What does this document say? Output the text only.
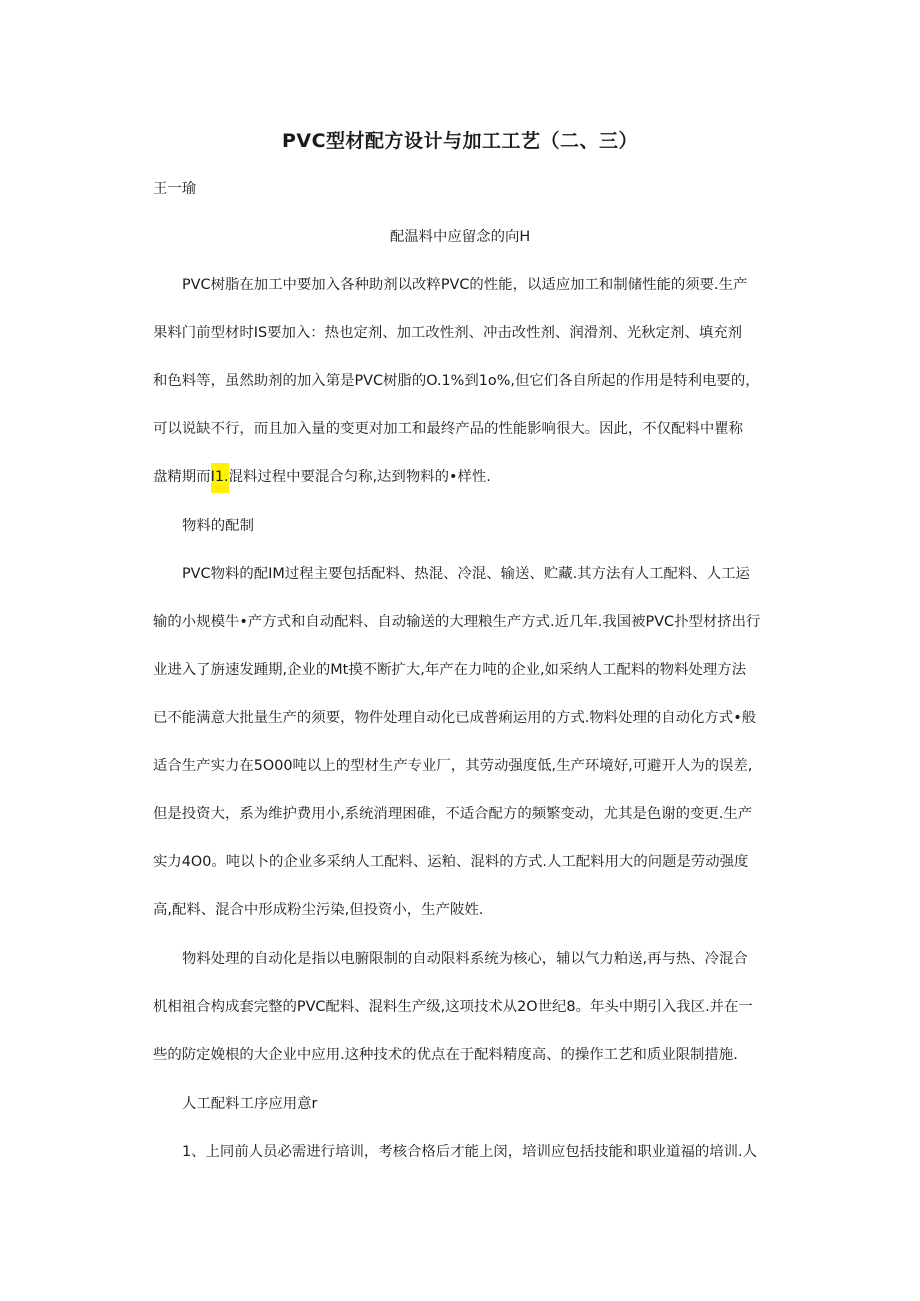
PVC型材配方设计与加工工艺（二、三）
王一瑜
配温料中应留念的向H
PVC树脂在加工中要加入各种助剂以改粹PVC的性能，以适应加工和制储性能的须要.生产
果料门前型材时IS要加入：热也定剂、加工改性剂、冲击改性剂、润滑剂、光秋定剂、填充剂
和色料等，虽然助剂的加入第是PVC树脂的O.1%到1o%,但它们各自所起的作用是特利电要的，
可以说缺不行，而且加入量的变更对加工和最终产品的性能影响很大。因此，不仅配料中瞿称
盘精期而I1.混料过程中要混合匀称,达到物料的•样性.
物料的配制
PVC物料的配IM过程主要包括配料、热混、冷混、输送、贮藏.其方法有人工配料、人工运
输的小规模牛•产方式和自动配料、自动输送的大理粮生产方式.近几年.我国被PVC扑型材挤出行
业进入了旃速发踵期,企业的Mt摸不断扩大,年产在力吨的企业,如采纳人工配料的物料处理方法
已不能满意大批量生产的须要，物件处理自动化已成普痢运用的方式.物料处理的自动化方式•般
适合生产实力在5O00吨以上的型材生产专业厂，其劳动强度低,生产环境好,可避开人为的误差,
但是投资大，系为维护费用小,系统消理困碓，不适合配方的频繁变动，尤其是色谢的变更.生产
实力4O0。吨以卜的企业多采纳人工配料、运粕、混料的方式.人工配料用大的问题是劳动强度
高,配料、混合中形成粉尘污染,但投资小，生产陂姓.
物料处理的自动化是指以电腑限制的自动限料系统为核心，辅以气力粕送,再与热、冷混合
机相祖合构成套完整的PVC配料、混料生产级,这项技术从2O世纪8。年头中期引入我区.并在一
些的防定娩根的大企业中应用.这种技术的优点在于配料精度高、的操作工艺和质业限制措施.
人工配料工序应用意r
1、上同前人员必需进行培训，考核合格后才能上闵，培训应包括技能和职业道福的培训.人
